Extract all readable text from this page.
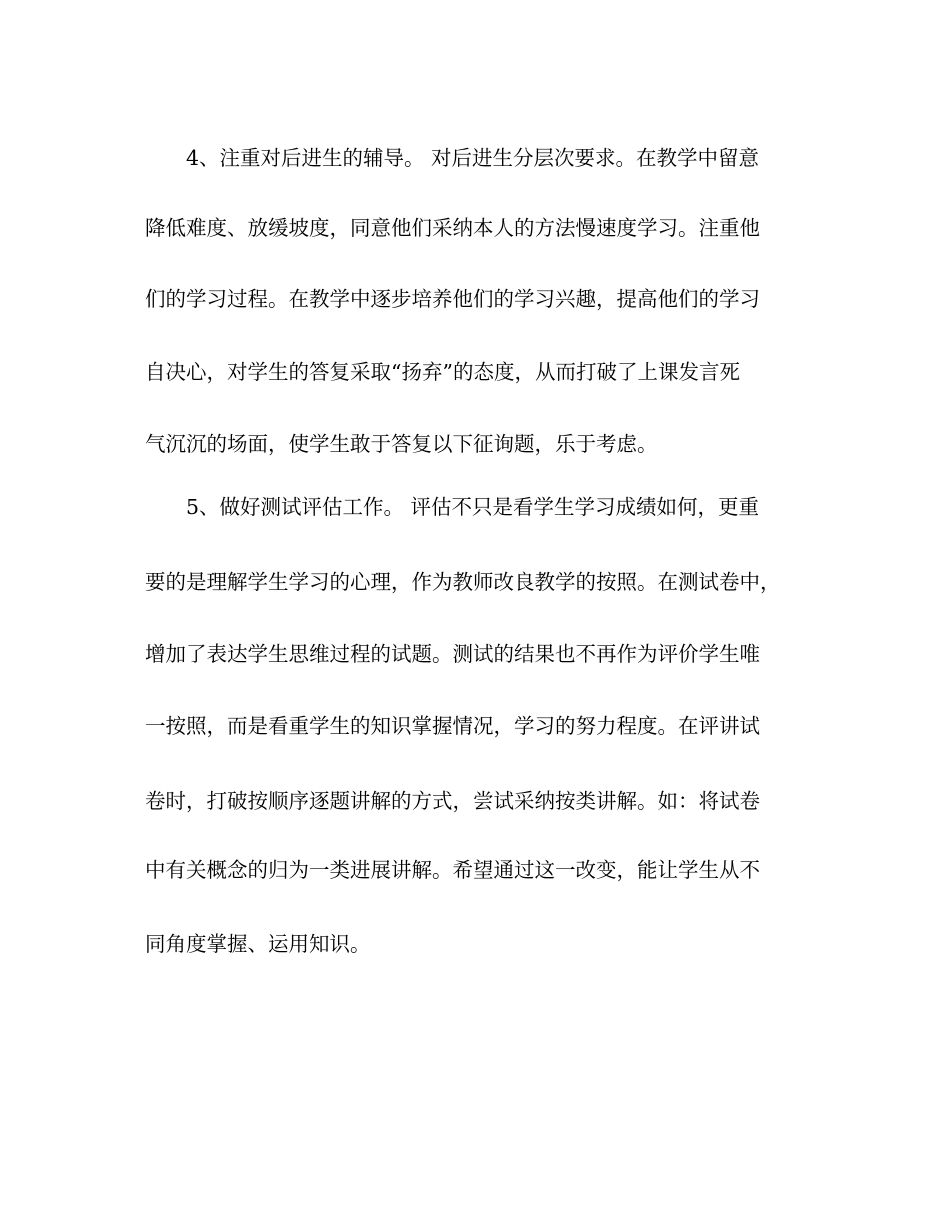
4、注重对后进生的辅导。 对后进生分层次要求。在教学中留意
降低难度、放缓坡度，同意他们采纳本人的方法慢速度学习。注重他
们的学习过程。在教学中逐步培养他们的学习兴趣，提高他们的学习
自决心，对学生的答复采取“扬弃”的态度，从而打破了上课发言死
气沉沉的场面，使学生敢于答复以下征询题，乐于考虑。
5、做好测试评估工作。 评估不只是看学生学习成绩如何，更重
要的是理解学生学习的心理，作为教师改良教学的按照。在测试卷中，
增加了表达学生思维过程的试题。测试的结果也不再作为评价学生唯
一按照，而是看重学生的知识掌握情况，学习的努力程度。在评讲试
卷时，打破按顺序逐题讲解的方式，尝试采纳按类讲解。如：将试卷
中有关概念的归为一类进展讲解。希望通过这一改变，能让学生从不
同角度掌握、运用知识。
